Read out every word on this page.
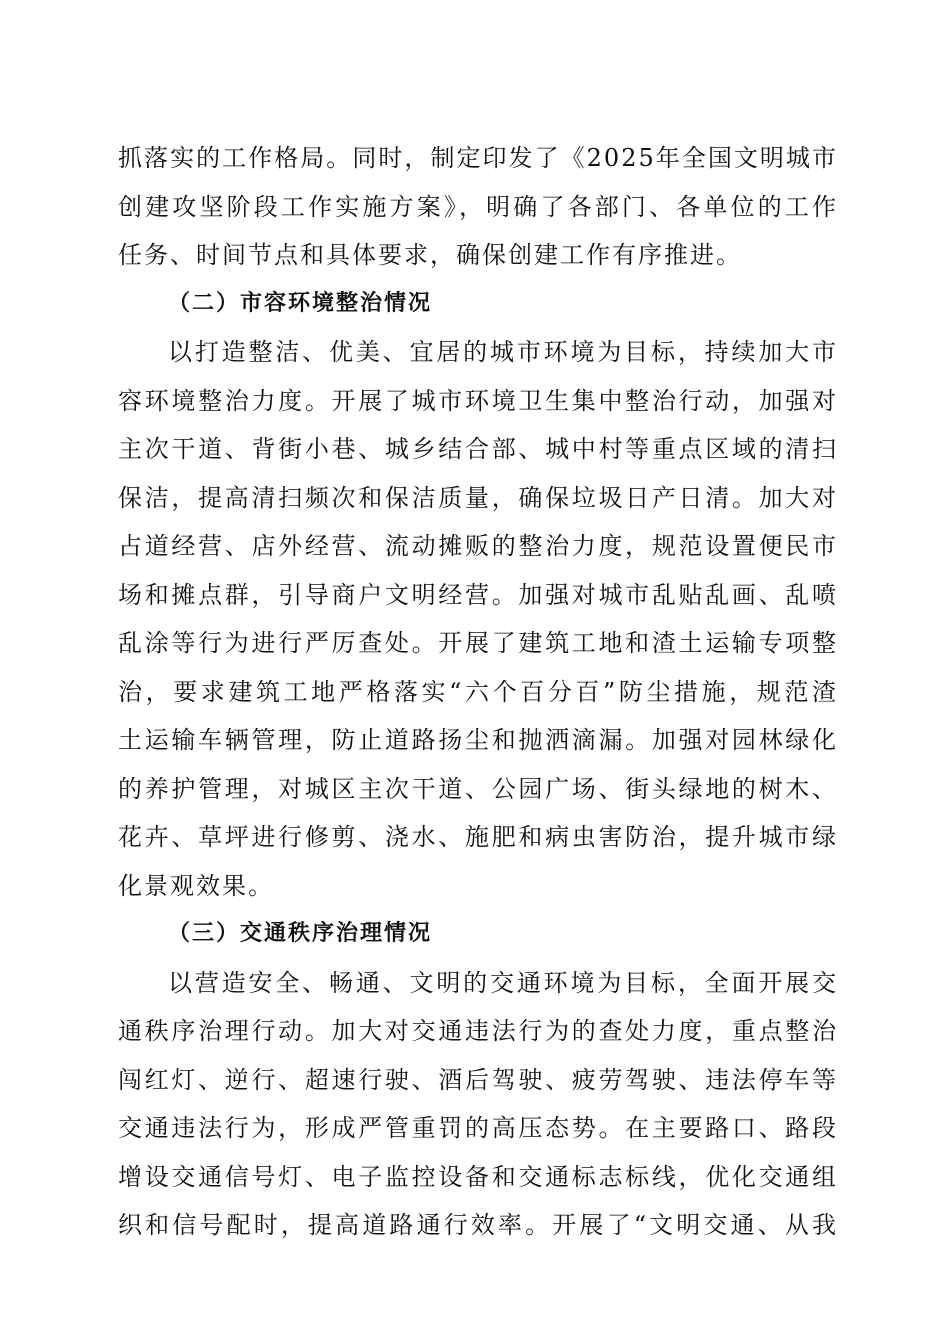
抓落实的工作格局。同时，制定印发了《2025年全国文明城市
创建攻坚阶段工作实施方案》，明确了各部门、各单位的工作
任务、时间节点和具体要求，确保创建工作有序推进。
（二）市容环境整治情况
以打造整洁、优美、宜居的城市环境为目标，持续加大市
容环境整治力度。开展了城市环境卫生集中整治行动，加强对
主次干道、背街小巷、城乡结合部、城中村等重点区域的清扫
保洁，提高清扫频次和保洁质量，确保垃圾日产日清。加大对
占道经营、店外经营、流动摊贩的整治力度，规范设置便民市
场和摊点群，引导商户文明经营。加强对城市乱贴乱画、乱喷
乱涂等行为进行严厉查处。开展了建筑工地和渣土运输专项整
治，要求建筑工地严格落实“六个百分百”防尘措施，规范渣
土运输车辆管理，防止道路扬尘和抛洒滴漏。加强对园林绿化
的养护管理，对城区主次干道、公园广场、街头绿地的树木、
花卉、草坪进行修剪、浇水、施肥和病虫害防治，提升城市绿
化景观效果。
（三）交通秩序治理情况
以营造安全、畅通、文明的交通环境为目标，全面开展交
通秩序治理行动。加大对交通违法行为的查处力度，重点整治
闯红灯、逆行、超速行驶、酒后驾驶、疲劳驾驶、违法停车等
交通违法行为，形成严管重罚的高压态势。在主要路口、路段
增设交通信号灯、电子监控设备和交通标志标线，优化交通组
织和信号配时，提高道路通行效率。开展了“文明交通、从我
